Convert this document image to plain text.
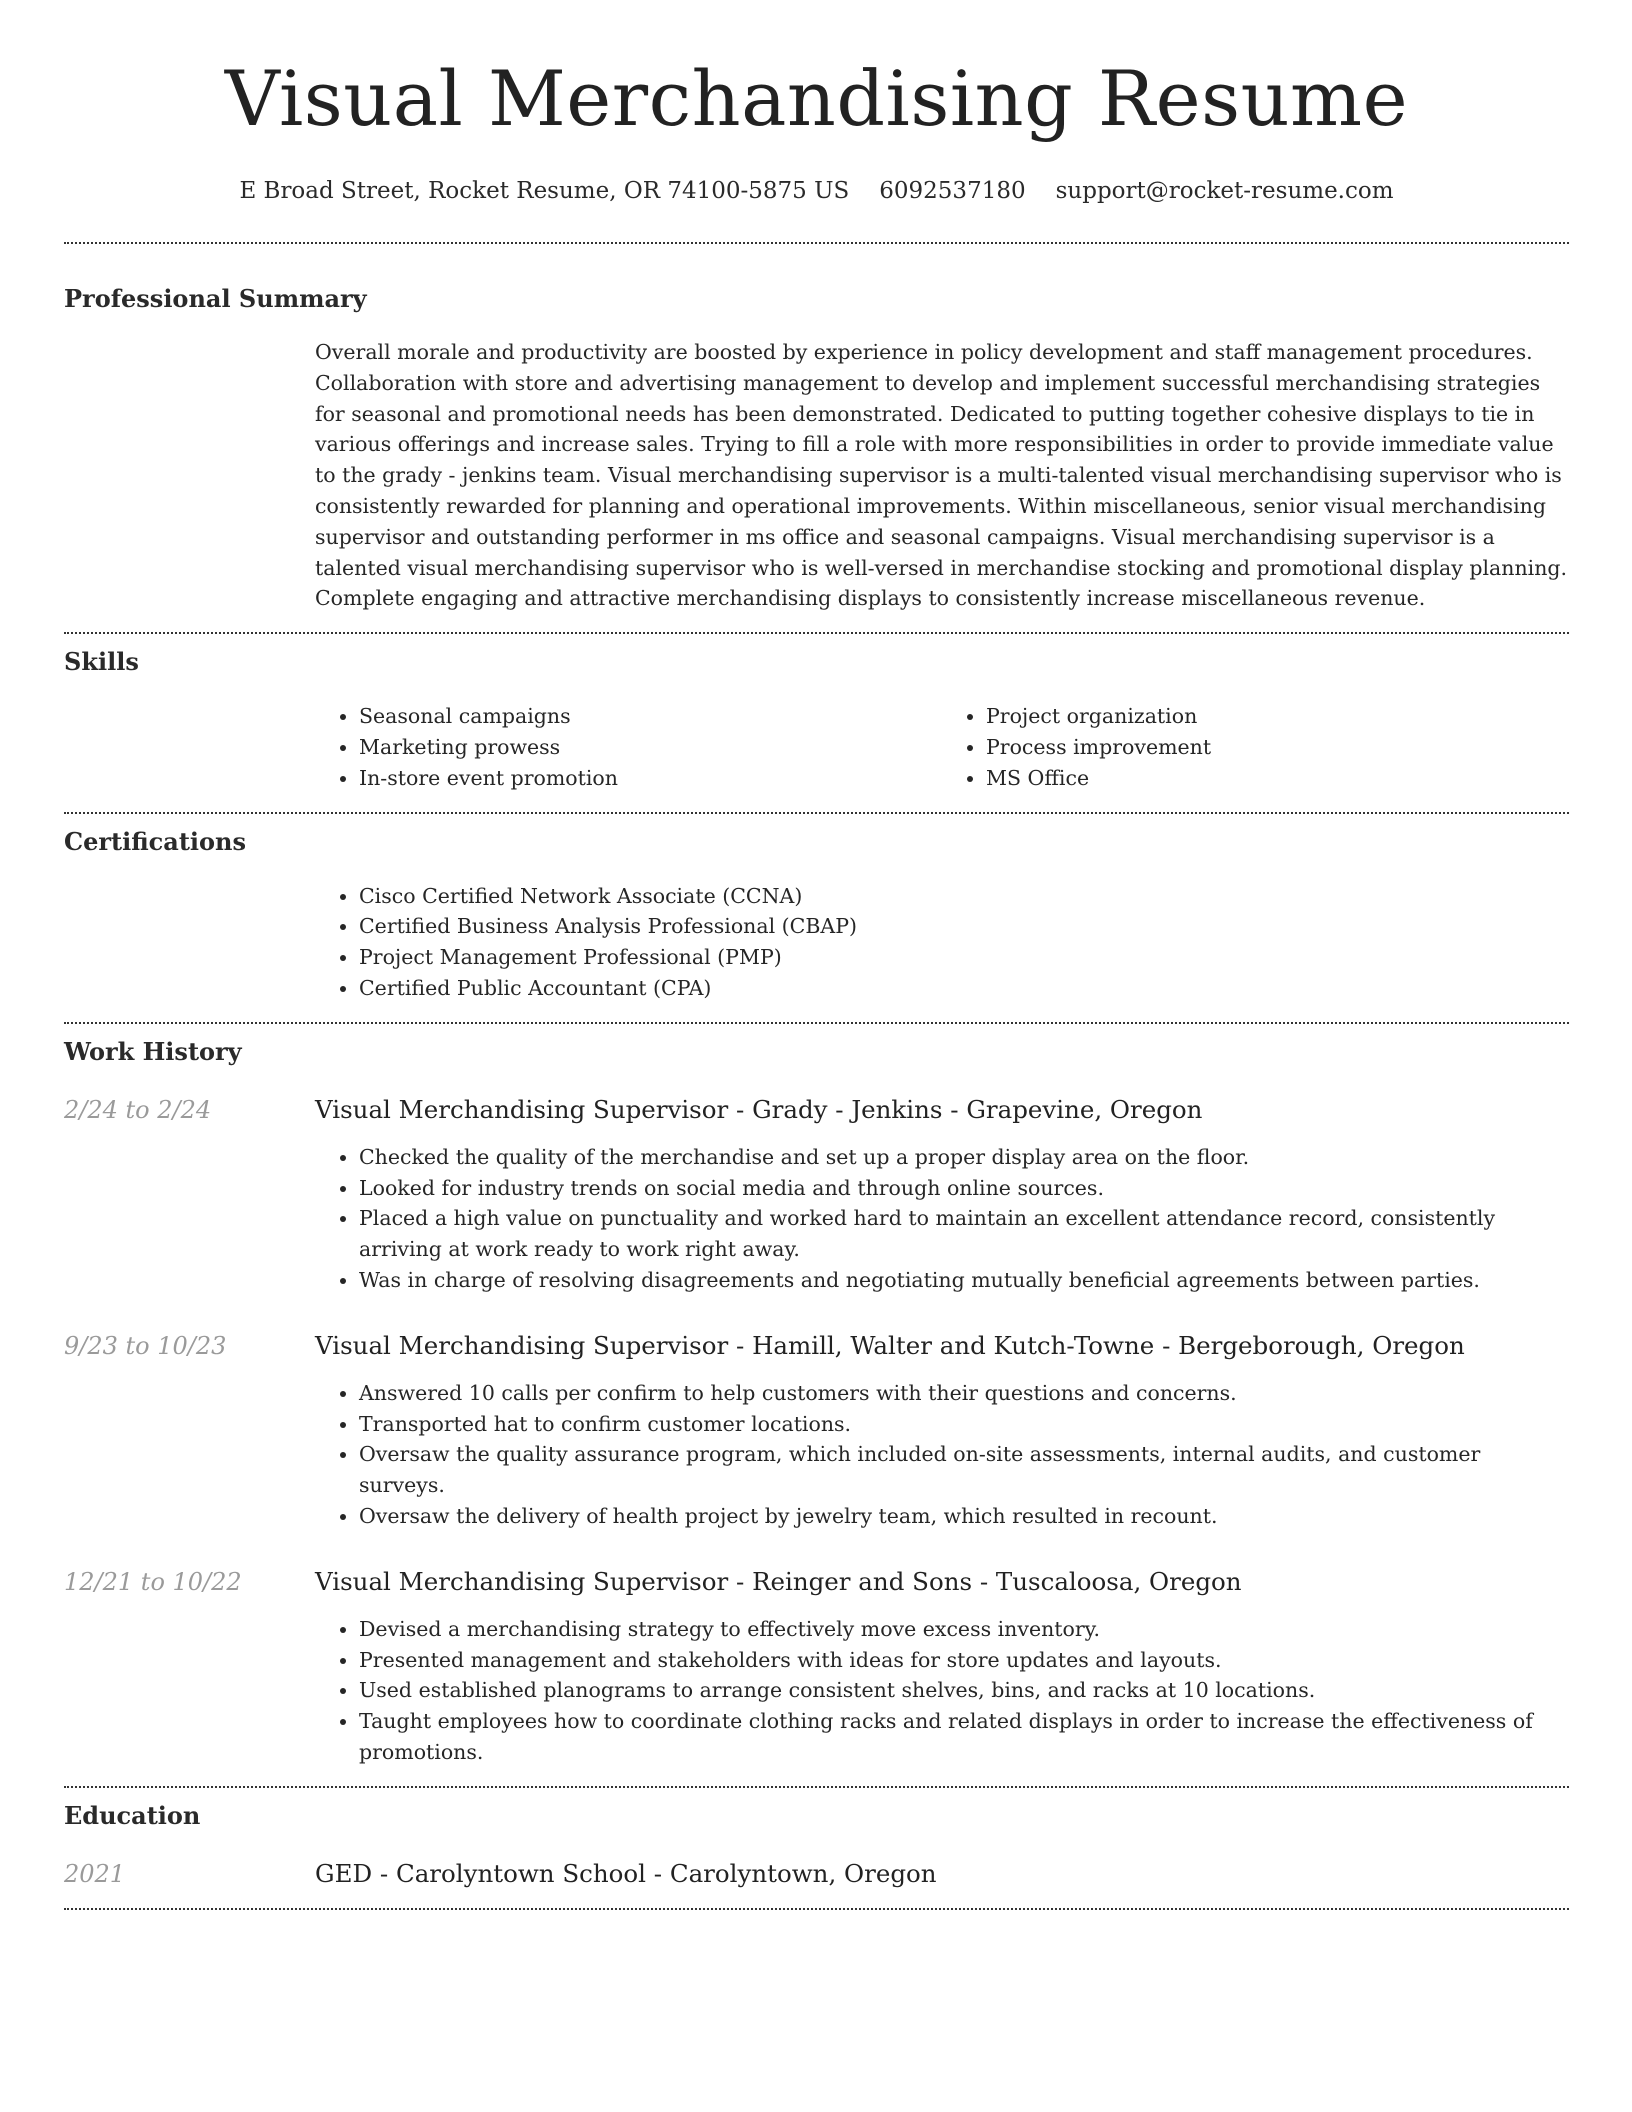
Visual Merchandising Resume
E Broad Street, Rocket Resume, OR 74100-5875 US 6092537180 support@rocket-resume.com
Professional Summary
Overall morale and productivity are boosted by experience in policy development and staff management procedures. Collaboration with store and advertising management to develop and implement successful merchandising strategies for seasonal and promotional needs has been demonstrated. Dedicated to putting together cohesive displays to tie in various offerings and increase sales. Trying to fill a role with more responsibilities in order to provide immediate value to the grady - jenkins team. Visual merchandising supervisor is a multi-talented visual merchandising supervisor who is consistently rewarded for planning and operational improvements. Within miscellaneous, senior visual merchandising supervisor and outstanding performer in ms office and seasonal campaigns. Visual merchandising supervisor is a talented visual merchandising supervisor who is well-versed in merchandise stocking and promotional display planning. Complete engaging and attractive merchandising displays to consistently increase miscellaneous revenue.
Skills
• Seasonal campaigns
• Marketing prowess
• In-store event promotion
• Project organization
• Process improvement
• MS Office
Certifications
• Cisco Certified Network Associate (CCNA)
• Certified Business Analysis Professional (CBAP)
• Project Management Professional (PMP)
• Certified Public Accountant (CPA)
Work History
2/24 to 2/24	Visual Merchandising Supervisor - Grady - Jenkins - Grapevine, Oregon
• Checked the quality of the merchandise and set up a proper display area on the floor.
• Looked for industry trends on social media and through online sources.
• Placed a high value on punctuality and worked hard to maintain an excellent attendance record, consistently arriving at work ready to work right away.
• Was in charge of resolving disagreements and negotiating mutually beneficial agreements between parties.
9/23 to 10/23	Visual Merchandising Supervisor - Hamill, Walter and Kutch-Towne - Bergeborough, Oregon
• Answered 10 calls per confirm to help customers with their questions and concerns.
• Transported hat to confirm customer locations.
• Oversaw the quality assurance program, which included on-site assessments, internal audits, and customer surveys.
• Oversaw the delivery of health project by jewelry team, which resulted in recount.
12/21 to 10/22	Visual Merchandising Supervisor - Reinger and Sons - Tuscaloosa, Oregon
• Devised a merchandising strategy to effectively move excess inventory.
• Presented management and stakeholders with ideas for store updates and layouts.
• Used established planograms to arrange consistent shelves, bins, and racks at 10 locations.
• Taught employees how to coordinate clothing racks and related displays in order to increase the effectiveness of promotions.
Education
2021	GED - Carolyntown School - Carolyntown, Oregon
